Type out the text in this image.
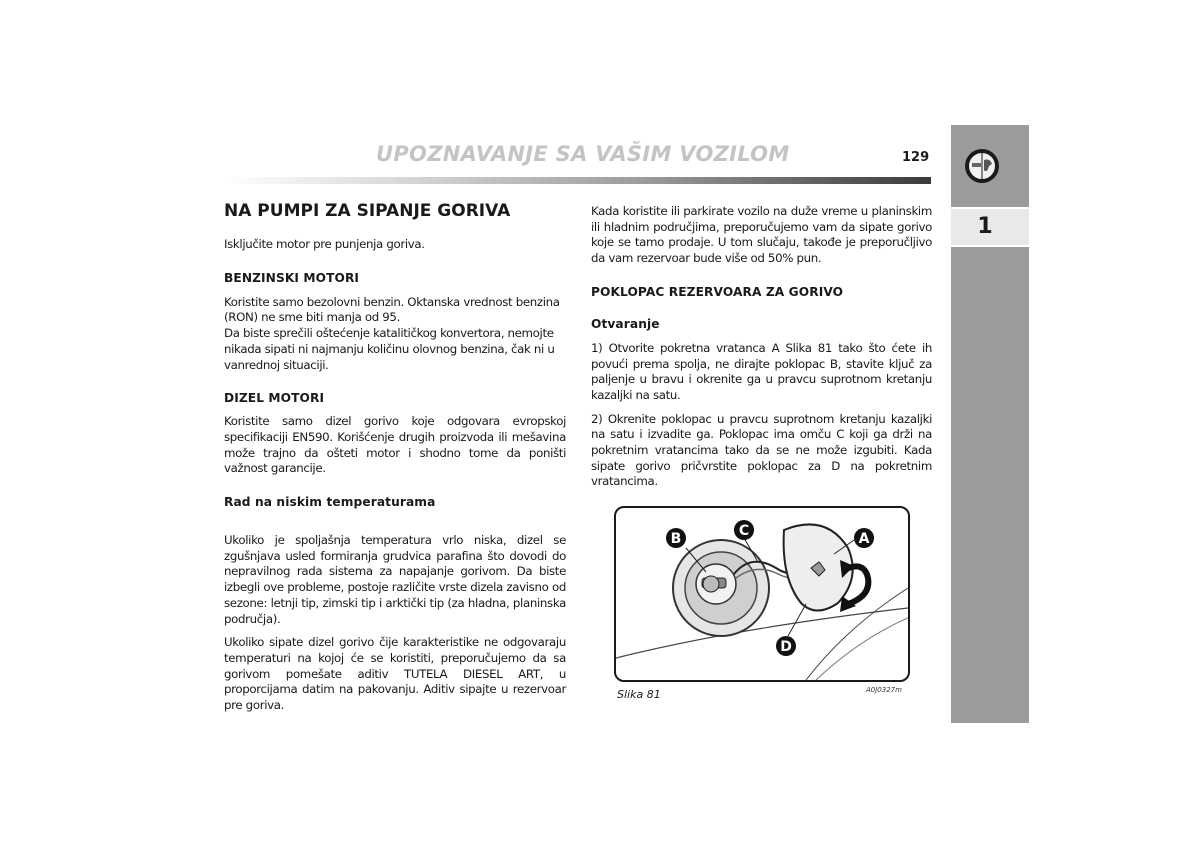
UPOZNAVANJE SA VAŠIM VOZILOM	129
1
NA PUMPI ZA SIPANJE GORIVA

Isključite motor pre punjenja goriva.

BENZINSKI MOTORI

Koristite samo bezolovni benzin. Oktanska vrednost benzina (RON) ne sme biti manja od 95.

Da biste sprečili oštećenje katalitičkog konvertora, nemojte nikada sipati ni najmanju količinu olovnog benzina, čak ni u vanrednoj situaciji.

DIZEL MOTORI

Koristite samo dizel gorivo koje odgovara evropskoj specifikaciji EN590. Korišćenje drugih proizvoda ili mešavina može trajno da ošteti motor i shodno tome da poništi važnost garancije.

Rad na niskim temperaturama

Ukoliko je spoljašnja temperatura vrlo niska, dizel se zgušnjava usled formiranja grudvica parafina što dovodi do nepravilnog rada sistema za napajanje gorivom. Da biste izbegli ove probleme, postoje različite vrste dizela zavisno od sezone: letnji tip, zimski tip i arktički tip (za hladna, planinska područja).

Ukoliko sipate dizel gorivo čije karakteristike ne odgovaraju temperaturi na kojoj će se koristiti, preporučujemo da sa gorivom pomešate aditiv TUTELA DIESEL ART, u proporcijama datim na pakovanju. Aditiv sipajte u rezervoar pre goriva.

Kada koristite ili parkirate vozilo na duže vreme u planinskim ili hladnim područjima, preporučujemo vam da sipate gorivo koje se tamo prodaje. U tom slučaju, takođe je preporučljivo da vam rezervoar bude više od 50% pun.

POKLOPAC REZERVOARA ZA GORIVO
Otvaranje

1) Otvorite pokretna vratanca A Slika 81 tako što ćete ih povući prema spolja, ne dirajte poklopac B, stavite ključ za paljenje u bravu i okrenite ga u pravcu suprotnom kretanju kazaljki na satu.

2) Okrenite poklopac u pravcu suprotnom kretanju kazaljki na satu i izvadite ga. Poklopac ima omču C koji ga drži na pokretnim vratancima tako da se ne može izgubiti. Kada sipate gorivo pričvrstite poklopac za D na pokretnim vratancima.

B	C	A
D
Slika 81	A0J0327m
